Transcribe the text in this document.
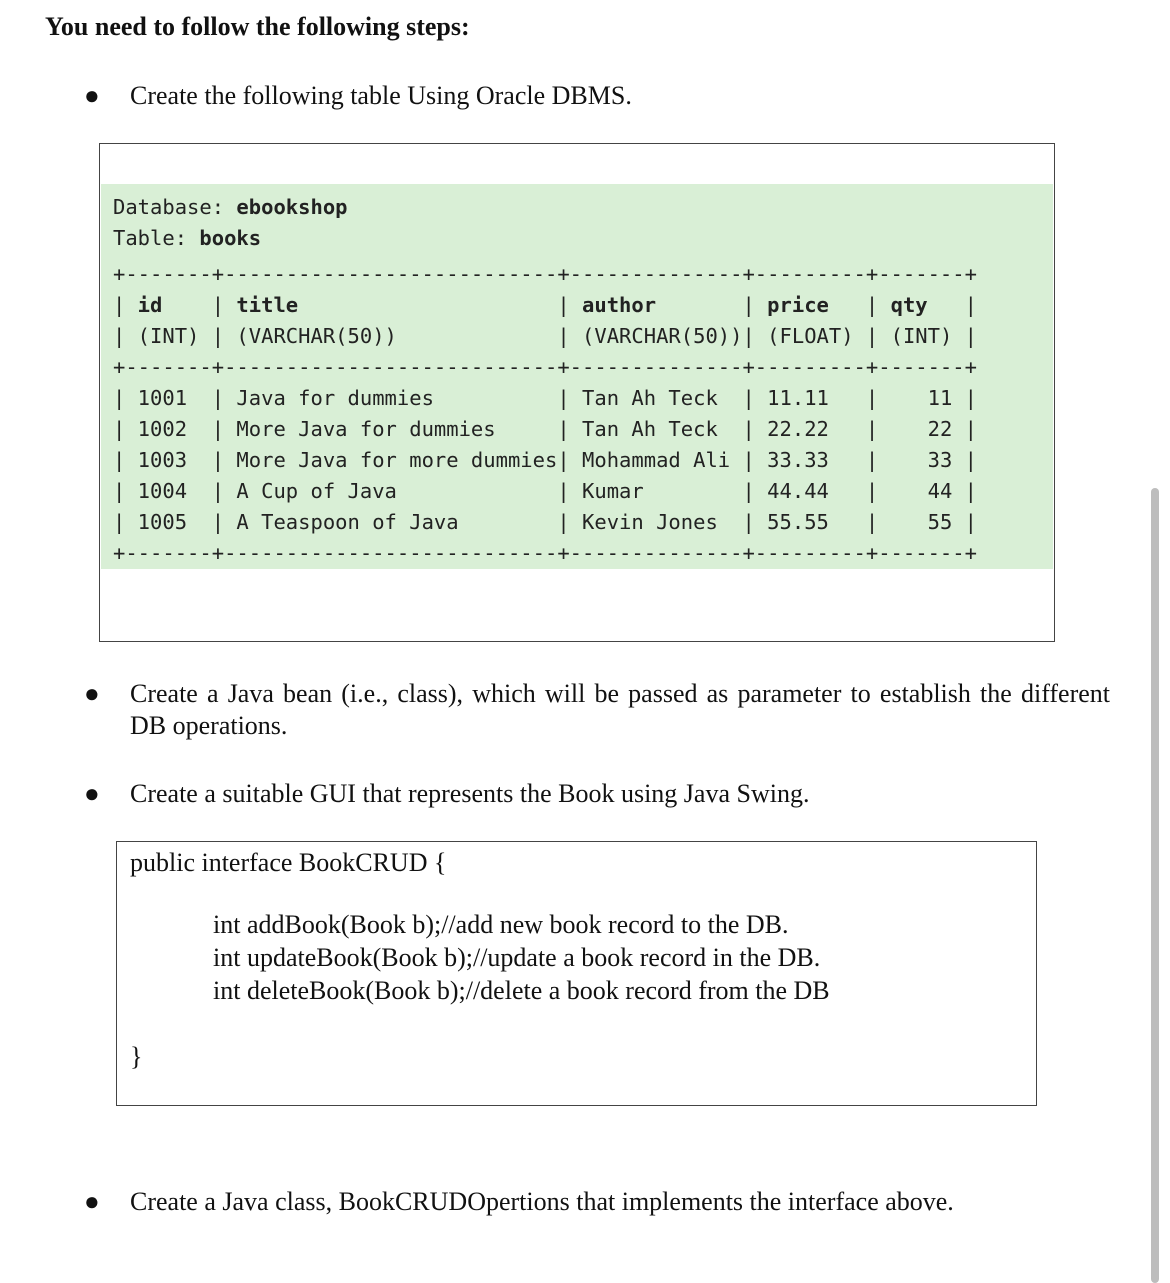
You need to follow the following steps:
● Create the following table Using Oracle DBMS.
Database: ebookshop
Table: books
+-------+---------------------------+--------------+---------+-------+
| id    | title                     | author       | price   | qty   |
| (INT) | (VARCHAR(50))             | (VARCHAR(50))| (FLOAT) | (INT) |
+-------+---------------------------+--------------+---------+-------+
| 1001  | Java for dummies          | Tan Ah Teck  | 11.11   |    11 |
| 1002  | More Java for dummies     | Tan Ah Teck  | 22.22   |    22 |
| 1003  | More Java for more dummies| Mohammad Ali | 33.33   |    33 |
| 1004  | A Cup of Java             | Kumar        | 44.44   |    44 |
| 1005  | A Teaspoon of Java        | Kevin Jones  | 55.55   |    55 |
+-------+---------------------------+--------------+---------+-------+
● Create a Java bean (i.e., class), which will be passed as parameter to establish the different DB operations.
● Create a suitable GUI that represents the Book using Java Swing.
public interface BookCRUD {
int addBook(Book b);//add new book record to the DB.
int updateBook(Book b);//update a book record in the DB.
int deleteBook(Book b);//delete a book record from the DB
}
● Create a Java class, BookCRUDOpertions that implements the interface above.
